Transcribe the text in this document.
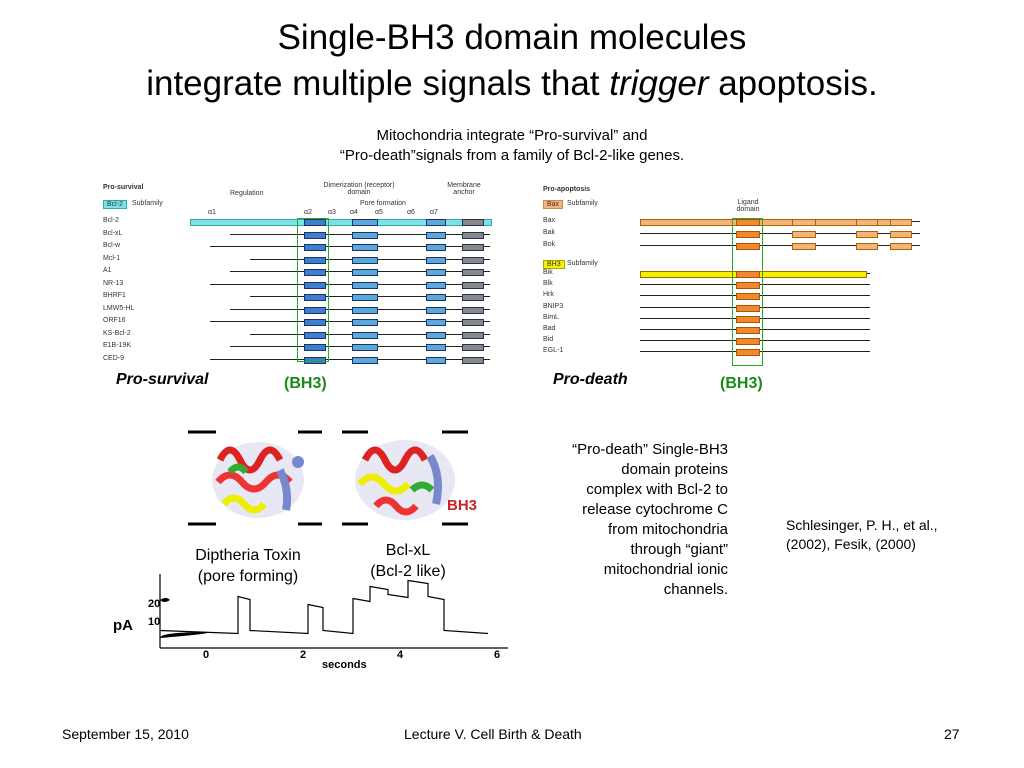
Single-BH3 domain molecules
integrate multiple signals that trigger apoptosis.
Mitochondria integrate “Pro-survival” and
“Pro-death”signals from a family of Bcl-2-like genes.
Pro-survival
Bcl-2	Subfamily
Regulation
Dimerization (receptor) domain
Membrane anchor
Pore formation
α1	α2 α3 α4 α5	α6 α7
Bcl-2
Bcl-xL
Bcl-w
Mcl-1
A1
NR-13
BHRF1
LMW5-HL
ORF16
KS-Bcl-2
E1B-19K
CED-9
Pro-survival	(BH3)
Pro-apoptosis
Bax	Subfamily
BH3 Subfamily
Ligand domain
Bax
Bak
Bok
Bik
Blk
Hrk
BNIP3
BimL
Bad
Bid
EGL-1
Pro-death	(BH3)
BH3
Diptheria Toxin
(pore forming)
Bcl-xL
(Bcl-2 like)
20
10
0	2	4	6
seconds
pA
“Pro-death” Single-BH3
domain proteins
complex with Bcl-2 to
release cytochrome C
from mitochondria
through “giant”
mitochondrial ionic
channels.
Schlesinger, P. H., et al.,
(2002), Fesik, (2000)
September 15, 2010	Lecture V. Cell Birth & Death	27
